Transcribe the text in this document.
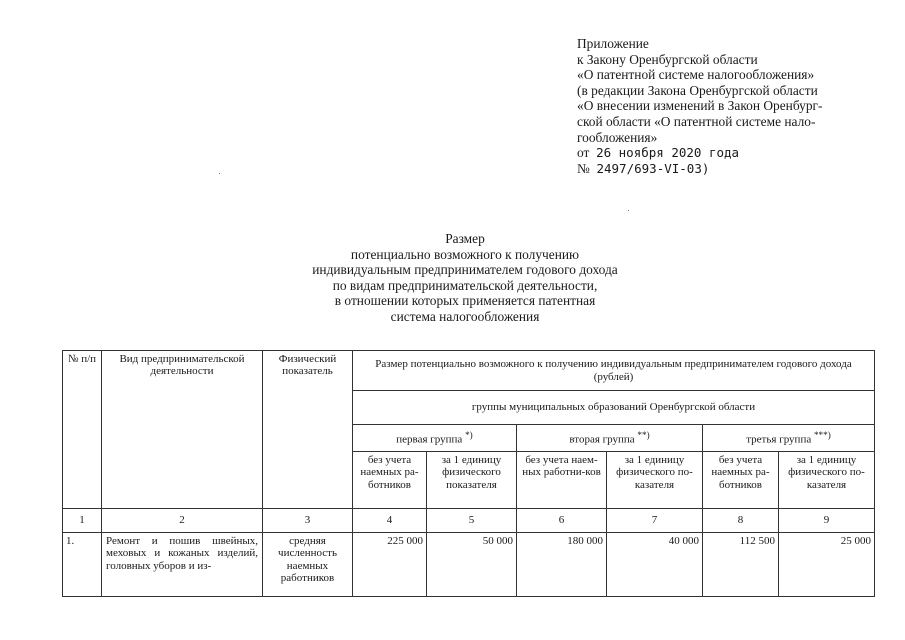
Приложение
к Закону Оренбургской области
«О патентной системе налогообложения»
(в редакции Закона Оренбургской области
«О внесении изменений в Закон Оренбург-
ской области «О патентной системе нало-
гообложения»
от 26 ноября 2020 года
№ 2497/693-VI-03)
Размер
потенциально возможного к получению
индивидуальным предпринимателем годового дохода
по видам предпринимательской деятельности,
в отношении которых применяется патентная
система налогообложения
№ п/п	Вид предпринимательской деятельности	Физический показатель	Размер потенциально возможного к получению индивидуальным предпринимателем годового дохода (рублей)					
			группы муниципальных образований Оренбургской области					
			первая группа *)		вторая группа **)		третья группа ***)
			без учета наемных ра-ботников	за 1 единицу физического показателя	без учета наем-ных работни-ков	за 1 единицу физического по-казателя	без учета наемных ра-ботников	за 1 единицу физического по-казателя
1	2	3	4	5	6	7	8	9
1.	Ремонт и пошив швейных, меховых и кожаных изделий, головных уборов и из-	средняя численность наемных работников	225 000	50 000	180 000	40 000	112 500	25 000
